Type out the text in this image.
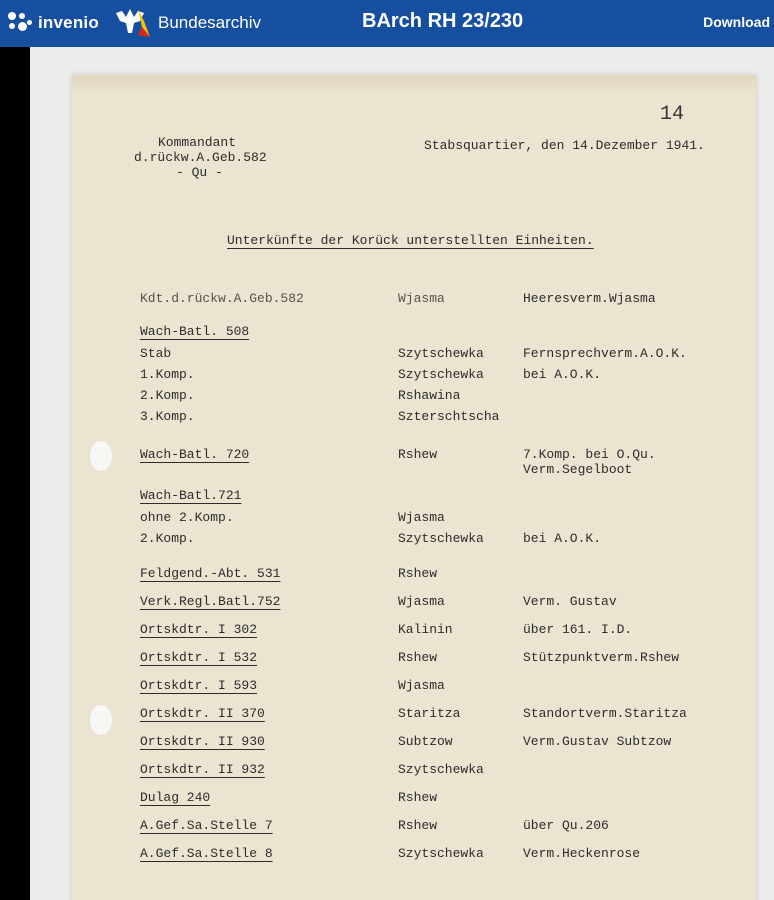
invenio	Bundesarchiv	BArch RH 23/230	Download
14
Kommandant
d.rückw.A.Geb.582
- Qu -
Stabsquartier, den 14.Dezember 1941.
Unterkünfte der Korück unterstellten Einheiten.
Kdt.d.rückw.A.Geb.582	Wjasma	Heeresverm.Wjasma
Wach-Batl. 508
Stab	Szytschewka	Fernsprechverm.A.O.K.
1.Komp.	Szytschewka	bei A.O.K.
2.Komp.	Rshawina
3.Komp.	Szterschtscha
Wach-Batl. 720	Rshew	7.Komp. bei O.Qu.
Verm.Segelboot
Wach-Batl.721
ohne 2.Komp.	Wjasma
2.Komp.	Szytschewka	bei A.O.K.
Feldgend.-Abt. 531	Rshew
Verk.Regl.Batl.752	Wjasma	Verm. Gustav
Ortskdtr. I 302	Kalinin	über 161. I.D.
Ortskdtr. I 532	Rshew	Stützpunktverm.Rshew
Ortskdtr. I 593	Wjasma
Ortskdtr. II 370	Staritza	Standortverm.Staritza
Ortskdtr. II 930	Subtzow	Verm.Gustav Subtzow
Ortskdtr. II 932	Szytschewka
Dulag 240	Rshew
A.Gef.Sa.Stelle 7	Rshew	über Qu.206
A.Gef.Sa.Stelle 8	Szytschewka	Verm.Heckenrose
